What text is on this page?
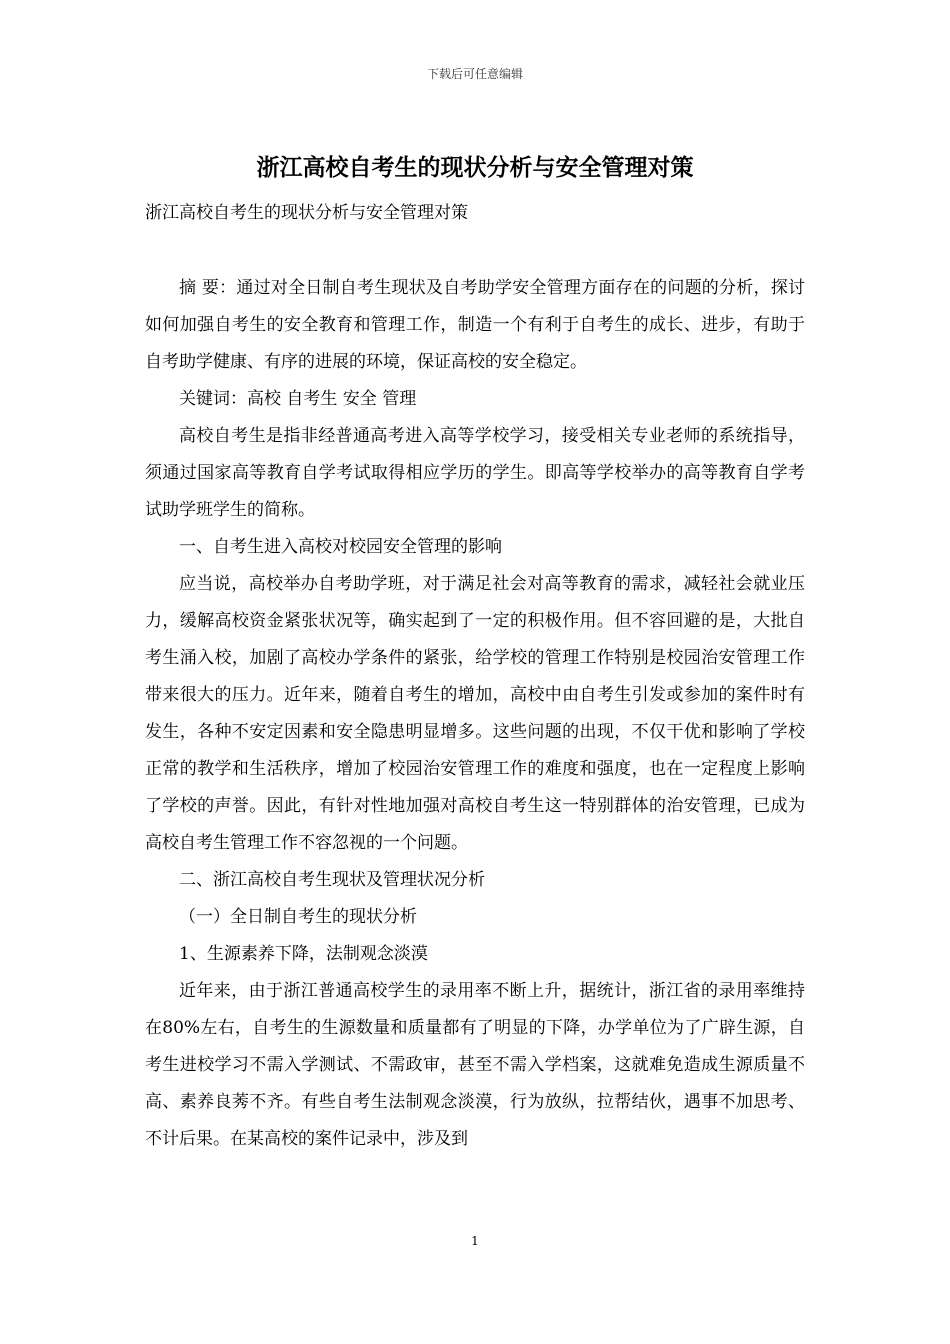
下载后可任意编辑
浙江高校自考生的现状分析与安全管理对策
浙江高校自考生的现状分析与安全管理对策

摘 要：通过对全日制自考生现状及自考助学安全管理方面存在的问题的分析，探讨如何加强自考生的安全教育和管理工作，制造一个有利于自考生的成长、进步，有助于自考助学健康、有序的进展的环境，保证高校的安全稳定。

关键词：高校 自考生 安全 管理

高校自考生是指非经普通高考进入高等学校学习，接受相关专业老师的系统指导，须通过国家高等教育自学考试取得相应学历的学生。即高等学校举办的高等教育自学考试助学班学生的简称。

一、自考生进入高校对校园安全管理的影响

应当说，高校举办自考助学班，对于满足社会对高等教育的需求，减轻社会就业压力，缓解高校资金紧张状况等，确实起到了一定的积极作用。但不容回避的是，大批自考生涌入校，加剧了高校办学条件的紧张，给学校的管理工作特别是校园治安管理工作带来很大的压力。近年来，随着自考生的增加，高校中由自考生引发或参加的案件时有发生，各种不安定因素和安全隐患明显增多。这些问题的出现，不仅干优和影响了学校正常的教学和生活秩序，增加了校园治安管理工作的难度和强度，也在一定程度上影响了学校的声誉。因此，有针对性地加强对高校自考生这一特别群体的治安管理，已成为高校自考生管理工作不容忽视的一个问题。

二、浙江高校自考生现状及管理状况分析

（一）全日制自考生的现状分析

1、生源素养下降，法制观念淡漠

近年来，由于浙江普通高校学生的录用率不断上升，据统计，浙江省的录用率维持在80%左右，自考生的生源数量和质量都有了明显的下降，办学单位为了广辟生源，自考生进校学习不需入学测试、不需政审，甚至不需入学档案，这就难免造成生源质量不高、素养良莠不齐。有些自考生法制观念淡漠，行为放纵，拉帮结伙，遇事不加思考、不计后果。在某高校的案件记录中，涉及到

1
